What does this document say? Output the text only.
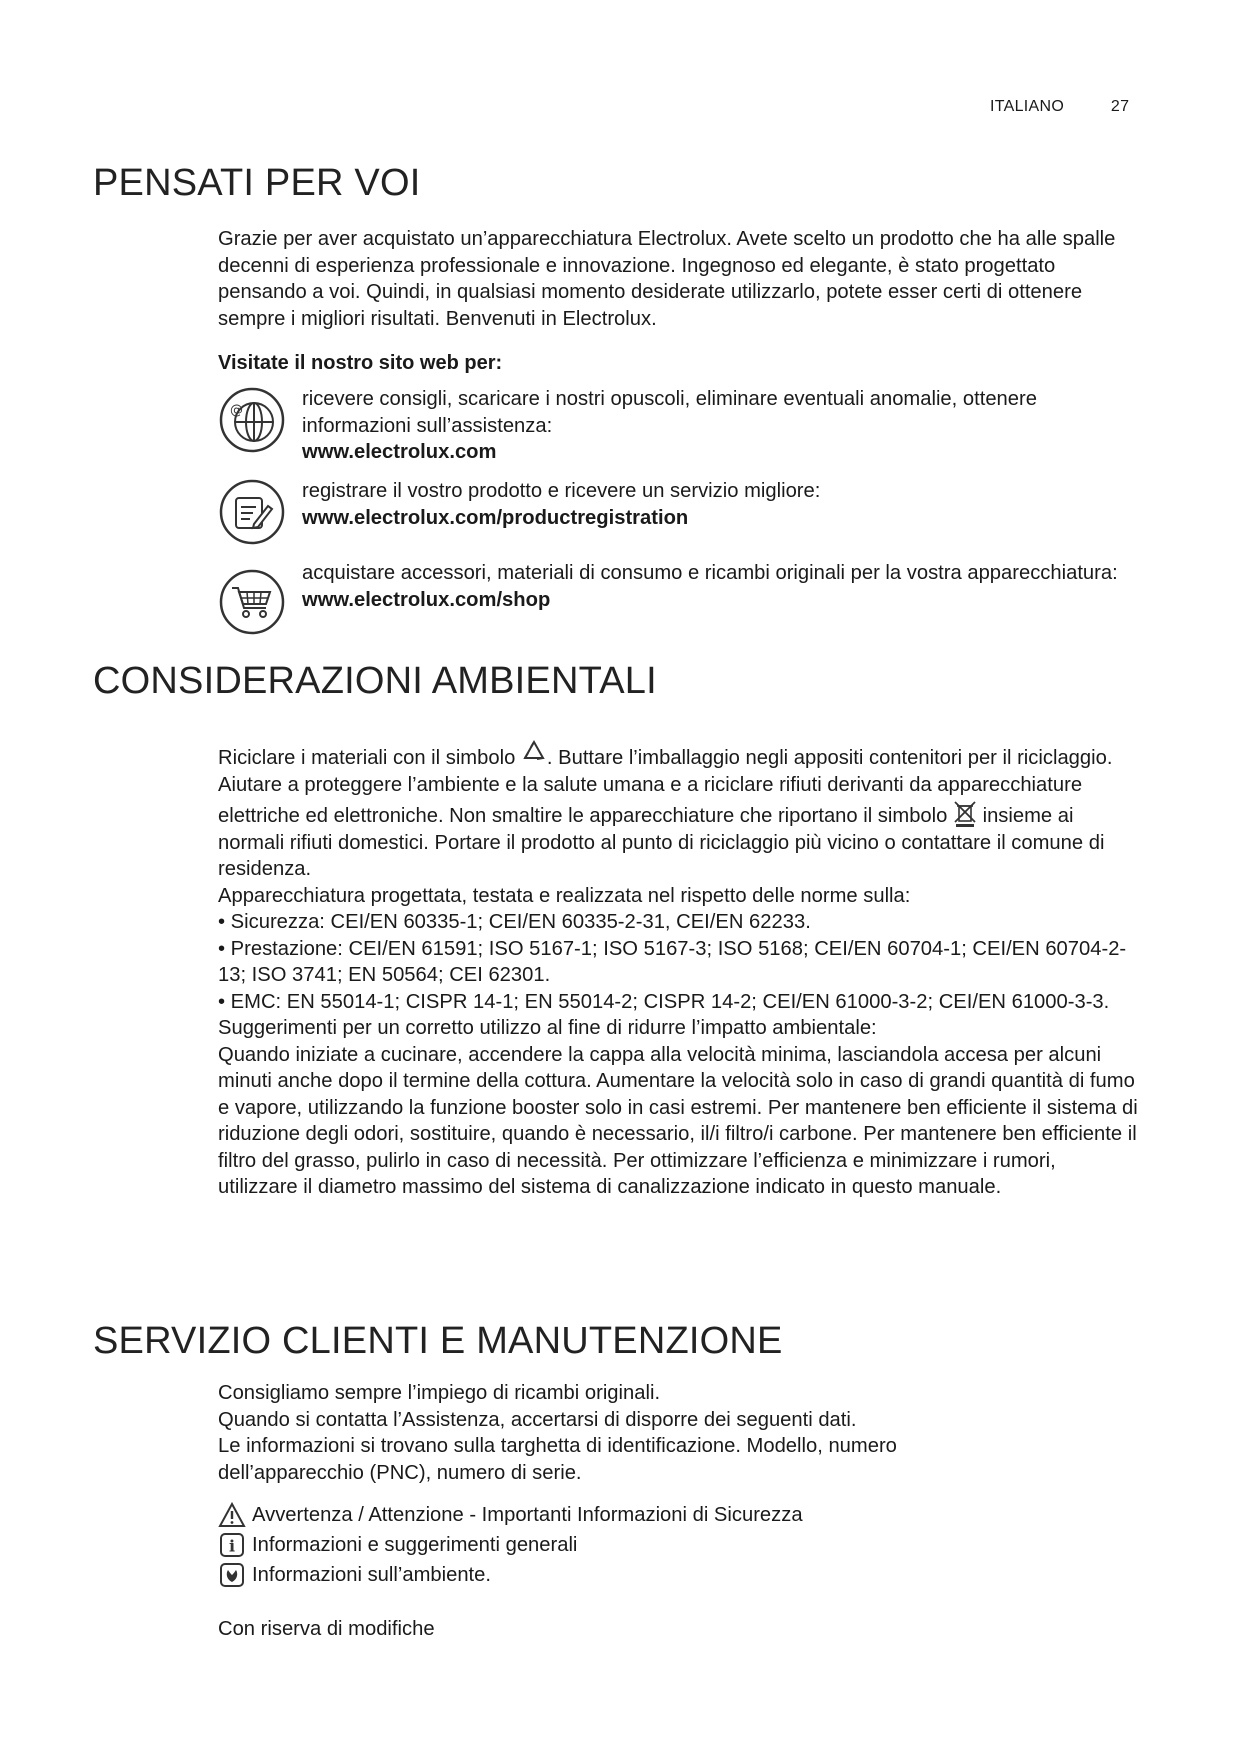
ITALIANO	27
PENSATI PER VOI

Grazie per aver acquistato un’apparecchiatura Electrolux. Avete scelto un prodotto che ha alle spalle decenni di esperienza professionale e innovazione. Ingegnoso ed elegante, è stato progettato pensando a voi. Quindi, in qualsiasi momento desiderate utilizzarlo, potete esser certi di ottenere sempre i migliori risultati. Benvenuti in Electrolux.

Visitate il nostro sito web per:
@
ricevere consigli, scaricare i nostri opuscoli, eliminare eventuali anomalie, ottenere informazioni sull’assistenza:
www.electrolux.com
registrare il vostro prodotto e ricevere un servizio migliore:
www.electrolux.com/productregistration
acquistare accessori, materiali di consumo e ricambi originali per la vostra apparecchiatura:
www.electrolux.com/shop
CONSIDERAZIONI AMBIENTALI

Riciclare i materiali con il simbolo . Buttare l’imballaggio negli appositi contenitori per il riciclaggio.

Aiutare a proteggere l’ambiente e la salute umana e a riciclare rifiuti derivanti da apparecchiature elettriche ed elettroniche. Non smaltire le apparecchiature che riportano il simbolo  insieme ai normali rifiuti domestici. Portare il prodotto al punto di riciclaggio più vicino o contattare il comune di residenza.

Apparecchiatura progettata, testata e realizzata nel rispetto delle norme sulla:

• Sicurezza: CEI/EN 60335-1; CEI/EN 60335-2-31, CEI/EN 62233.

• Prestazione: CEI/EN 61591; ISO 5167-1; ISO 5167-3; ISO 5168; CEI/EN 60704-1; CEI/EN 60704-2-13; ISO 3741; EN 50564; CEI 62301.

• EMC: EN 55014-1; CISPR 14-1; EN 55014-2; CISPR 14-2; CEI/EN 61000-3-2; CEI/EN 61000-3-3.

Suggerimenti per un corretto utilizzo al fine di ridurre l’impatto ambientale:

Quando iniziate a cucinare, accendere la cappa alla velocità minima, lasciandola accesa per alcuni minuti anche dopo il termine della cottura. Aumentare la velocità solo in caso di grandi quantità di fumo e vapore, utilizzando la funzione booster solo in casi estremi. Per mantenere ben efficiente il sistema di riduzione degli odori, sostituire, quando è necessario, il/i filtro/i carbone. Per mantenere ben efficiente il filtro del grasso, pulirlo in caso di necessità. Per ottimizzare l’efficienza e minimizzare i rumori, utilizzare il diametro massimo del sistema di canalizzazione indicato in questo manuale.

SERVIZIO CLIENTI E MANUTENZIONE

Consigliamo sempre l’impiego di ricambi originali.

Quando si contatta l’Assistenza, accertarsi di disporre dei seguenti dati.

Le informazioni si trovano sulla targhetta di identificazione. Modello, numero dell’apparecchio (PNC), numero di serie.

Avvertenza / Attenzione - Importanti Informazioni di Sicurezza
i Informazioni e suggerimenti generali
Informazioni sull’ambiente.

Con riserva di modifiche
